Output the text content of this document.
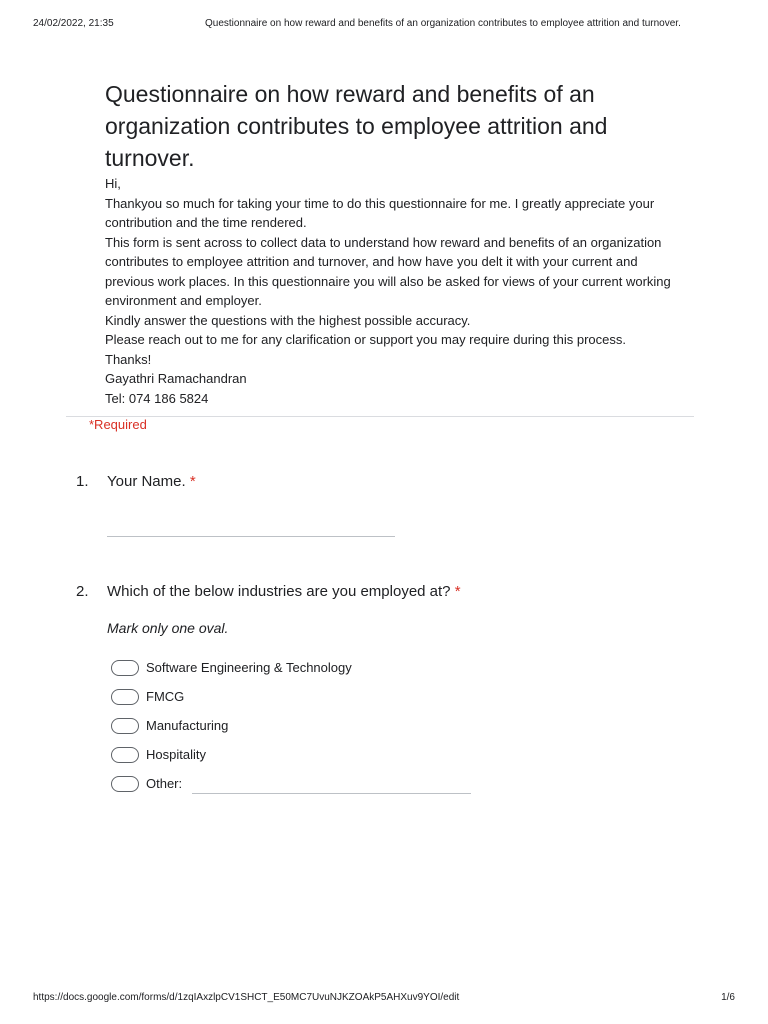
24/02/2022, 21:35	Questionnaire on how reward and benefits of an organization contributes to employee attrition and turnover.
Questionnaire on how reward and benefits of an organization contributes to employee attrition and turnover.
Hi,
Thankyou so much for taking your time to do this questionnaire for me. I greatly appreciate your contribution and the time rendered.
This form is sent across to collect data to understand how reward and benefits of an organization contributes to employee attrition and turnover, and how have you delt it with your current and previous work places. In this questionnaire you will also be asked for views of your current working environment and employer.
Kindly answer the questions with the highest possible accuracy.
Please reach out to me for any clarification or support you may require during this process.
Thanks!
Gayathri Ramachandran
Tel: 074 186 5824
*Required
1. Your Name. *
2. Which of the below industries are you employed at? *
Mark only one oval.
Software Engineering & Technology
FMCG
Manufacturing
Hospitality
Other:
https://docs.google.com/forms/d/1zqIAxzlpCV1SHCT_E50MC7UvuNJKZOAkP5AHXuv9YOI/edit	1/6
